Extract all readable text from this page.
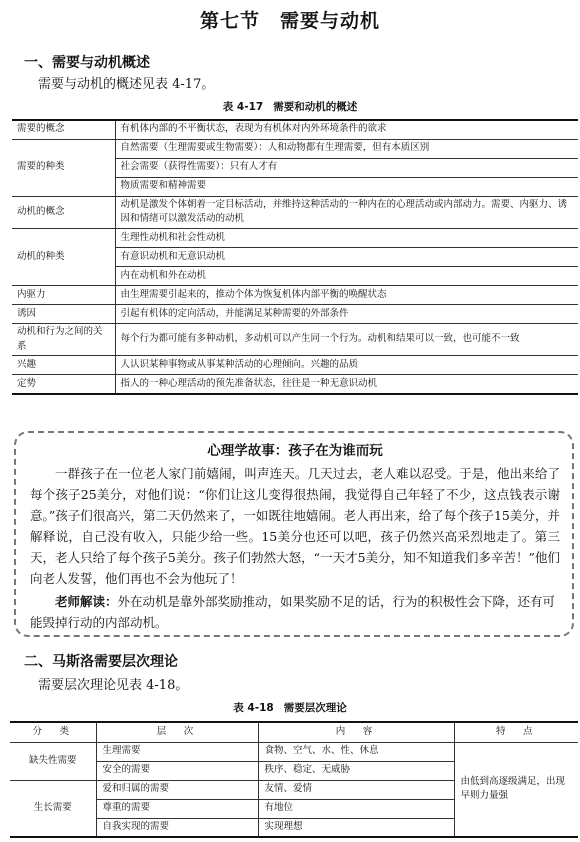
第七节　需要与动机
一、需要与动机概述
需要与动机的概述见表 4-17。
表 4-17 需要和动机的概述
需要的概念	有机体内部的不平衡状态，表现为有机体对内外环境条件的欲求
需要的种类	自然需要（生理需要或生物需要）：人和动物都有生理需要，但有本质区别
	社会需要（获得性需要）：只有人才有
	物质需要和精神需要
动机的概念	动机是激发个体朝着一定目标活动，并维持这种活动的一种内在的心理活动或内部动力。需要、内驱力、诱因和情绪可以激发活动的动机
动机的种类	生理性动机和社会性动机
	有意识动机和无意识动机
	内在动机和外在动机
内驱力	由生理需要引起来的，推动个体为恢复机体内部平衡的唤醒状态
诱因	引起有机体的定向活动，并能满足某种需要的外部条件
动机和行为之间的关系	每个行为都可能有多种动机，多动机可以产生同一个行为。动机和结果可以一致，也可能不一致
兴趣	人认识某种事物或从事某种活动的心理倾向。兴趣的品质
定势	指人的一种心理活动的预先准备状态，往往是一种无意识动机
心理学故事：孩子在为谁而玩
一群孩子在一位老人家门前嬉闹，叫声连天。几天过去，老人难以忍受。于是，他出来给了每个孩子25美分，对他们说：“你们让这儿变得很热闹，我觉得自己年轻了不少，这点钱表示谢意。”孩子们很高兴，第二天仍然来了，一如既往地嬉闹。老人再出来，给了每个孩子15美分，并解释说，自己没有收入，只能少给一些。15美分也还可以吧，孩子仍然兴高采烈地走了。第三天，老人只给了每个孩子5美分。孩子们勃然大怒，“一天才5美分，知不知道我们多辛苦！”他们向老人发誓，他们再也不会为他玩了！
老师解读：外在动机是靠外部奖励推动，如果奖励不足的话，行为的积极性会下降，还有可能毁掉行动的内部动机。
二、马斯洛需要层次理论
需要层次理论见表 4-18。
表 4-18 需要层次理论
分　类	层　次	内　容	特　点
缺失性需要	生理需要	食物、空气、水、性、休息	由低到高逐级满足，出现早则力量强
	安全的需要	秩序、稳定、无威胁	
生长需要	爱和归属的需要	友情、爱情	
	尊重的需要	有地位	
	自我实现的需要	实现理想	
